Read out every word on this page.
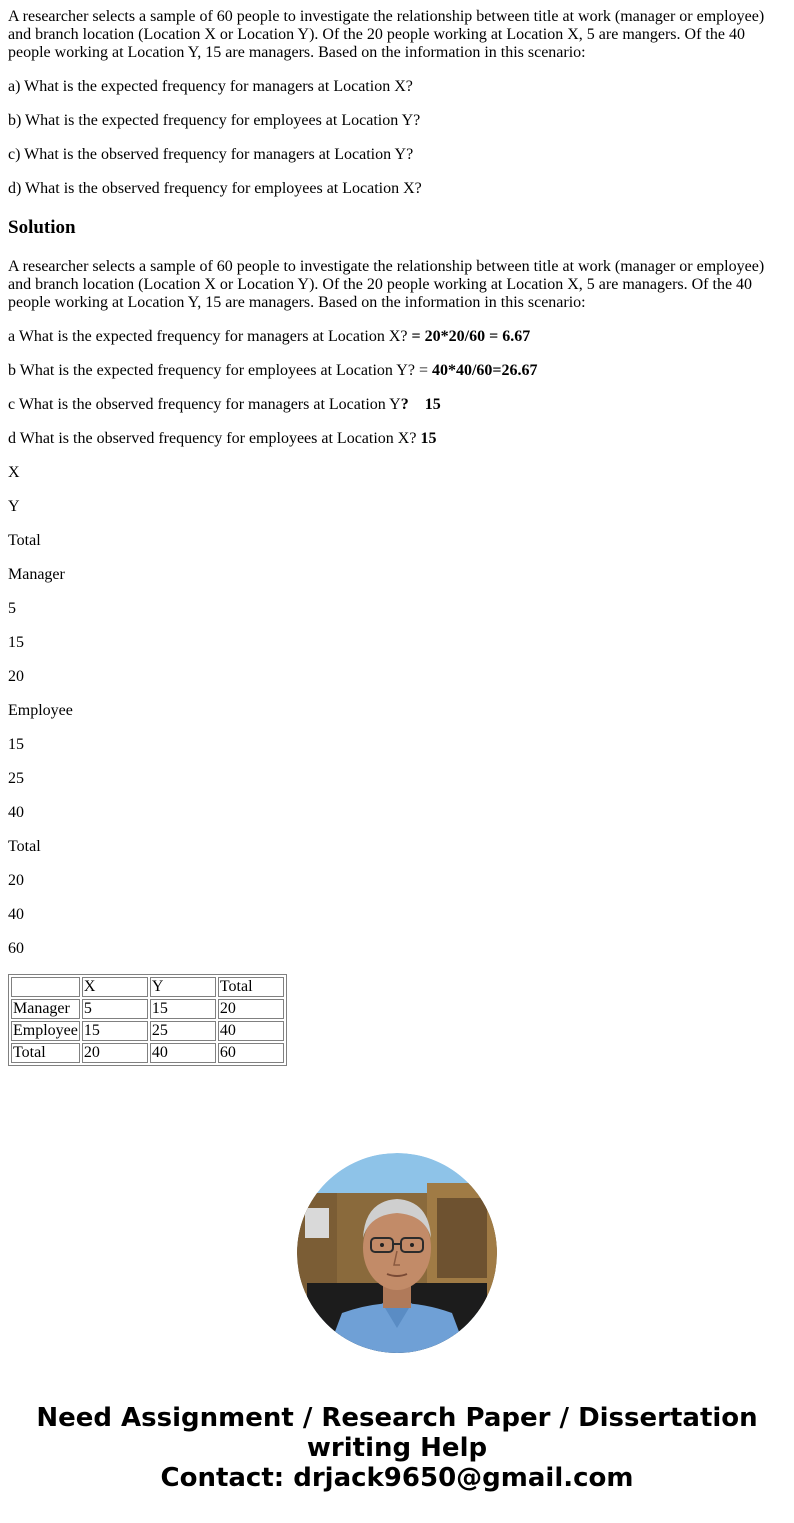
A researcher selects a sample of 60 people to investigate the relationship between title at work (manager or employee) and branch location (Location X or Location Y). Of the 20 people working at Location X, 5 are mangers. Of the 40 people working at Location Y, 15 are managers. Based on the information in this scenario:

a) What is the expected frequency for managers at Location X?

b) What is the expected frequency for employees at Location Y?

c) What is the observed frequency for managers at Location Y?

d) What is the observed frequency for employees at Location X?

Solution

A researcher selects a sample of 60 people to investigate the relationship between title at work (manager or employee) and branch location (Location X or Location Y). Of the 20 people working at Location X, 5 are managers. Of the 40 people working at Location Y, 15 are managers. Based on the information in this scenario:

a What is the expected frequency for managers at Location X? = 20*20/60 = 6.67

b What is the expected frequency for employees at Location Y? = 40*40/60=26.67

c What is the observed frequency for managers at Location Y?    15

d What is the observed frequency for employees at Location X? 15

X

Y

Total

Manager

5

15

20

Employee

15

25

40

Total

20

40

60

	X	Y	Total
Manager	5	15	20
Employee	15	25	40
Total	20	40	60
Need Assignment / Research Paper / Dissertation
writing Help
Contact: drjack9650@gmail.com
